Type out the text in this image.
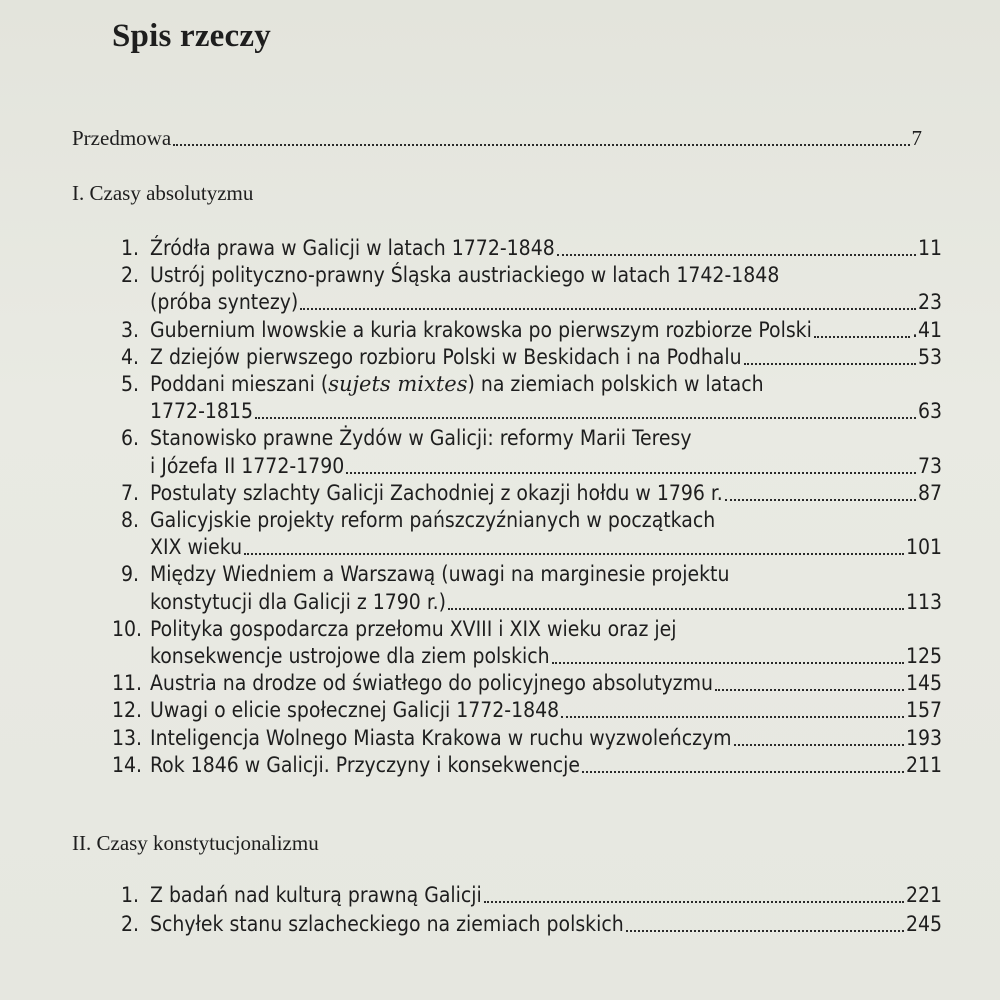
Spis rzeczy
Przedmowa	7
I. Czasy absolutyzmu
1. Źródła prawa w Galicji w latach 1772-1848	11
2. Ustrój polityczno-prawny Śląska austriackiego w latach 1742-1848
(próba syntezy)	23
3. Gubernium lwowskie a kuria krakowska po pierwszym rozbiorze Polski	.41
4. Z dziejów pierwszego rozbioru Polski w Beskidach i na Podhalu	53
5. Poddani mieszani (sujets mixtes) na ziemiach polskich w latach
1772-1815	63
6. Stanowisko prawne Żydów w Galicji: reformy Marii Teresy
i Józefa II 1772-1790	73
7. Postulaty szlachty Galicji Zachodniej z okazji hołdu w 1796 r.	87
8. Galicyjskie projekty reform pańszczyźnianych w początkach
XIX wieku	101
9. Między Wiedniem a Warszawą (uwagi na marginesie projektu
konstytucji dla Galicji z 1790 r.)	113
10. Polityka gospodarcza przełomu XVIII i XIX wieku oraz jej
konsekwencje ustrojowe dla ziem polskich	125
11. Austria na drodze od światłego do policyjnego absolutyzmu	145
12. Uwagi o elicie społecznej Galicji 1772-1848	157
13. Inteligencja Wolnego Miasta Krakowa w ruchu wyzwoleńczym	193
14. Rok 1846 w Galicji. Przyczyny i konsekwencje	211
II. Czasy konstytucjonalizmu
1. Z badań nad kulturą prawną Galicji	221
2. Schyłek stanu szlacheckiego na ziemiach polskich	245
